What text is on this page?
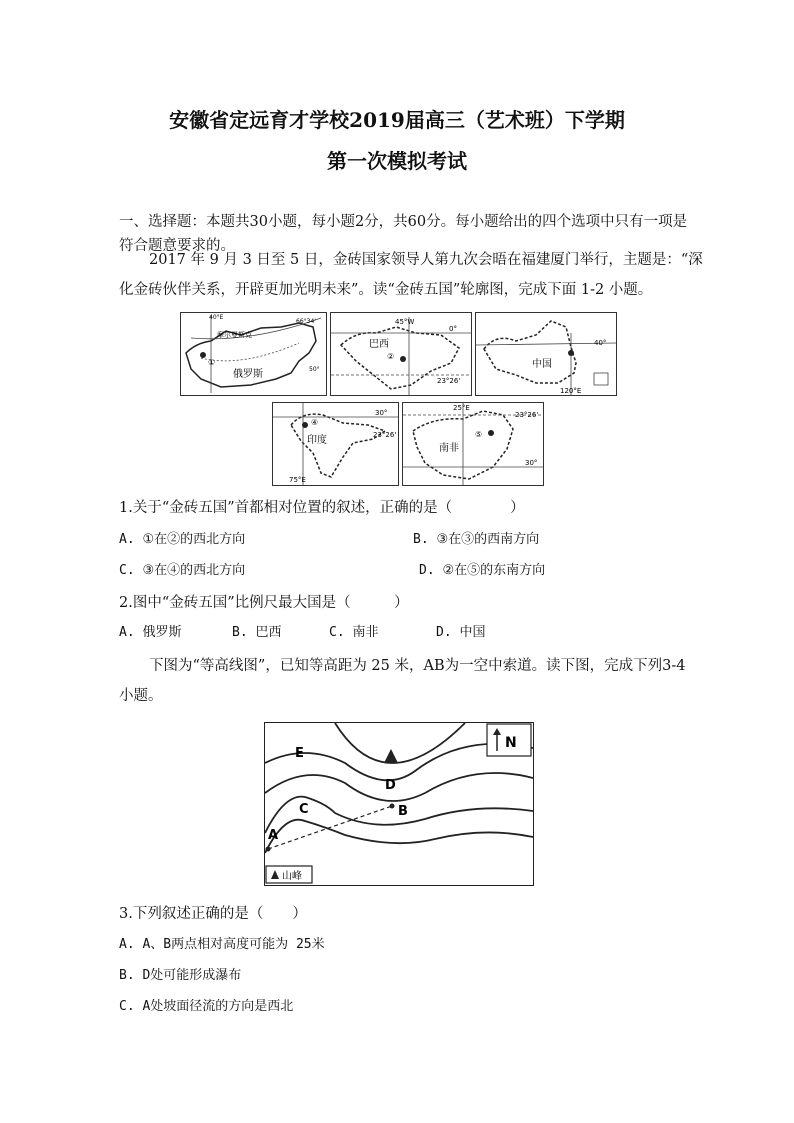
安徽省定远育才学校2019届高三（艺术班）下学期
第一次模拟考试
一、选择题：本题共30小题，每小题2分，共60分。每小题给出的四个选项中只有一项是
符合题意要求的。
2017 年 9 月 3 日至 5 日，金砖国家领导人第九次会晤在福建厦门举行，主题是：“深
化金砖伙伴关系，开辟更加光明未来”。读“金砖五国”轮廓图，完成下面 1-2 小题。
40°E
摩尔曼斯克
66°34'
50°
①
俄罗斯
45°W
0°
23°26'
巴西
②
40°
120°E
中国
30°
23°26'
75°E
④
印度
25°E
23°26'
30°
⑤
南非
1.关于“金砖五国”首都相对位置的叙述，正确的是（　　　　）
A. ①在②的西北方向	B. ③在③的西南方向
C. ③在④的西北方向	D. ②在⑤的东南方向
2.图中“金砖五国”比例尺最大国是（　　　）
A. 俄罗斯	B. 巴西	C. 南非	D. 中国
下图为“等高线图”，已知等高距为 25 米，AB为一空中索道。读下图，完成下列3-4
小题。
N
E
D
C	B
A
山峰
3.下列叙述正确的是（　　）
A. A、B两点相对高度可能为 25米
B. D处可能形成瀑布
C. A处坡面径流的方向是西北
